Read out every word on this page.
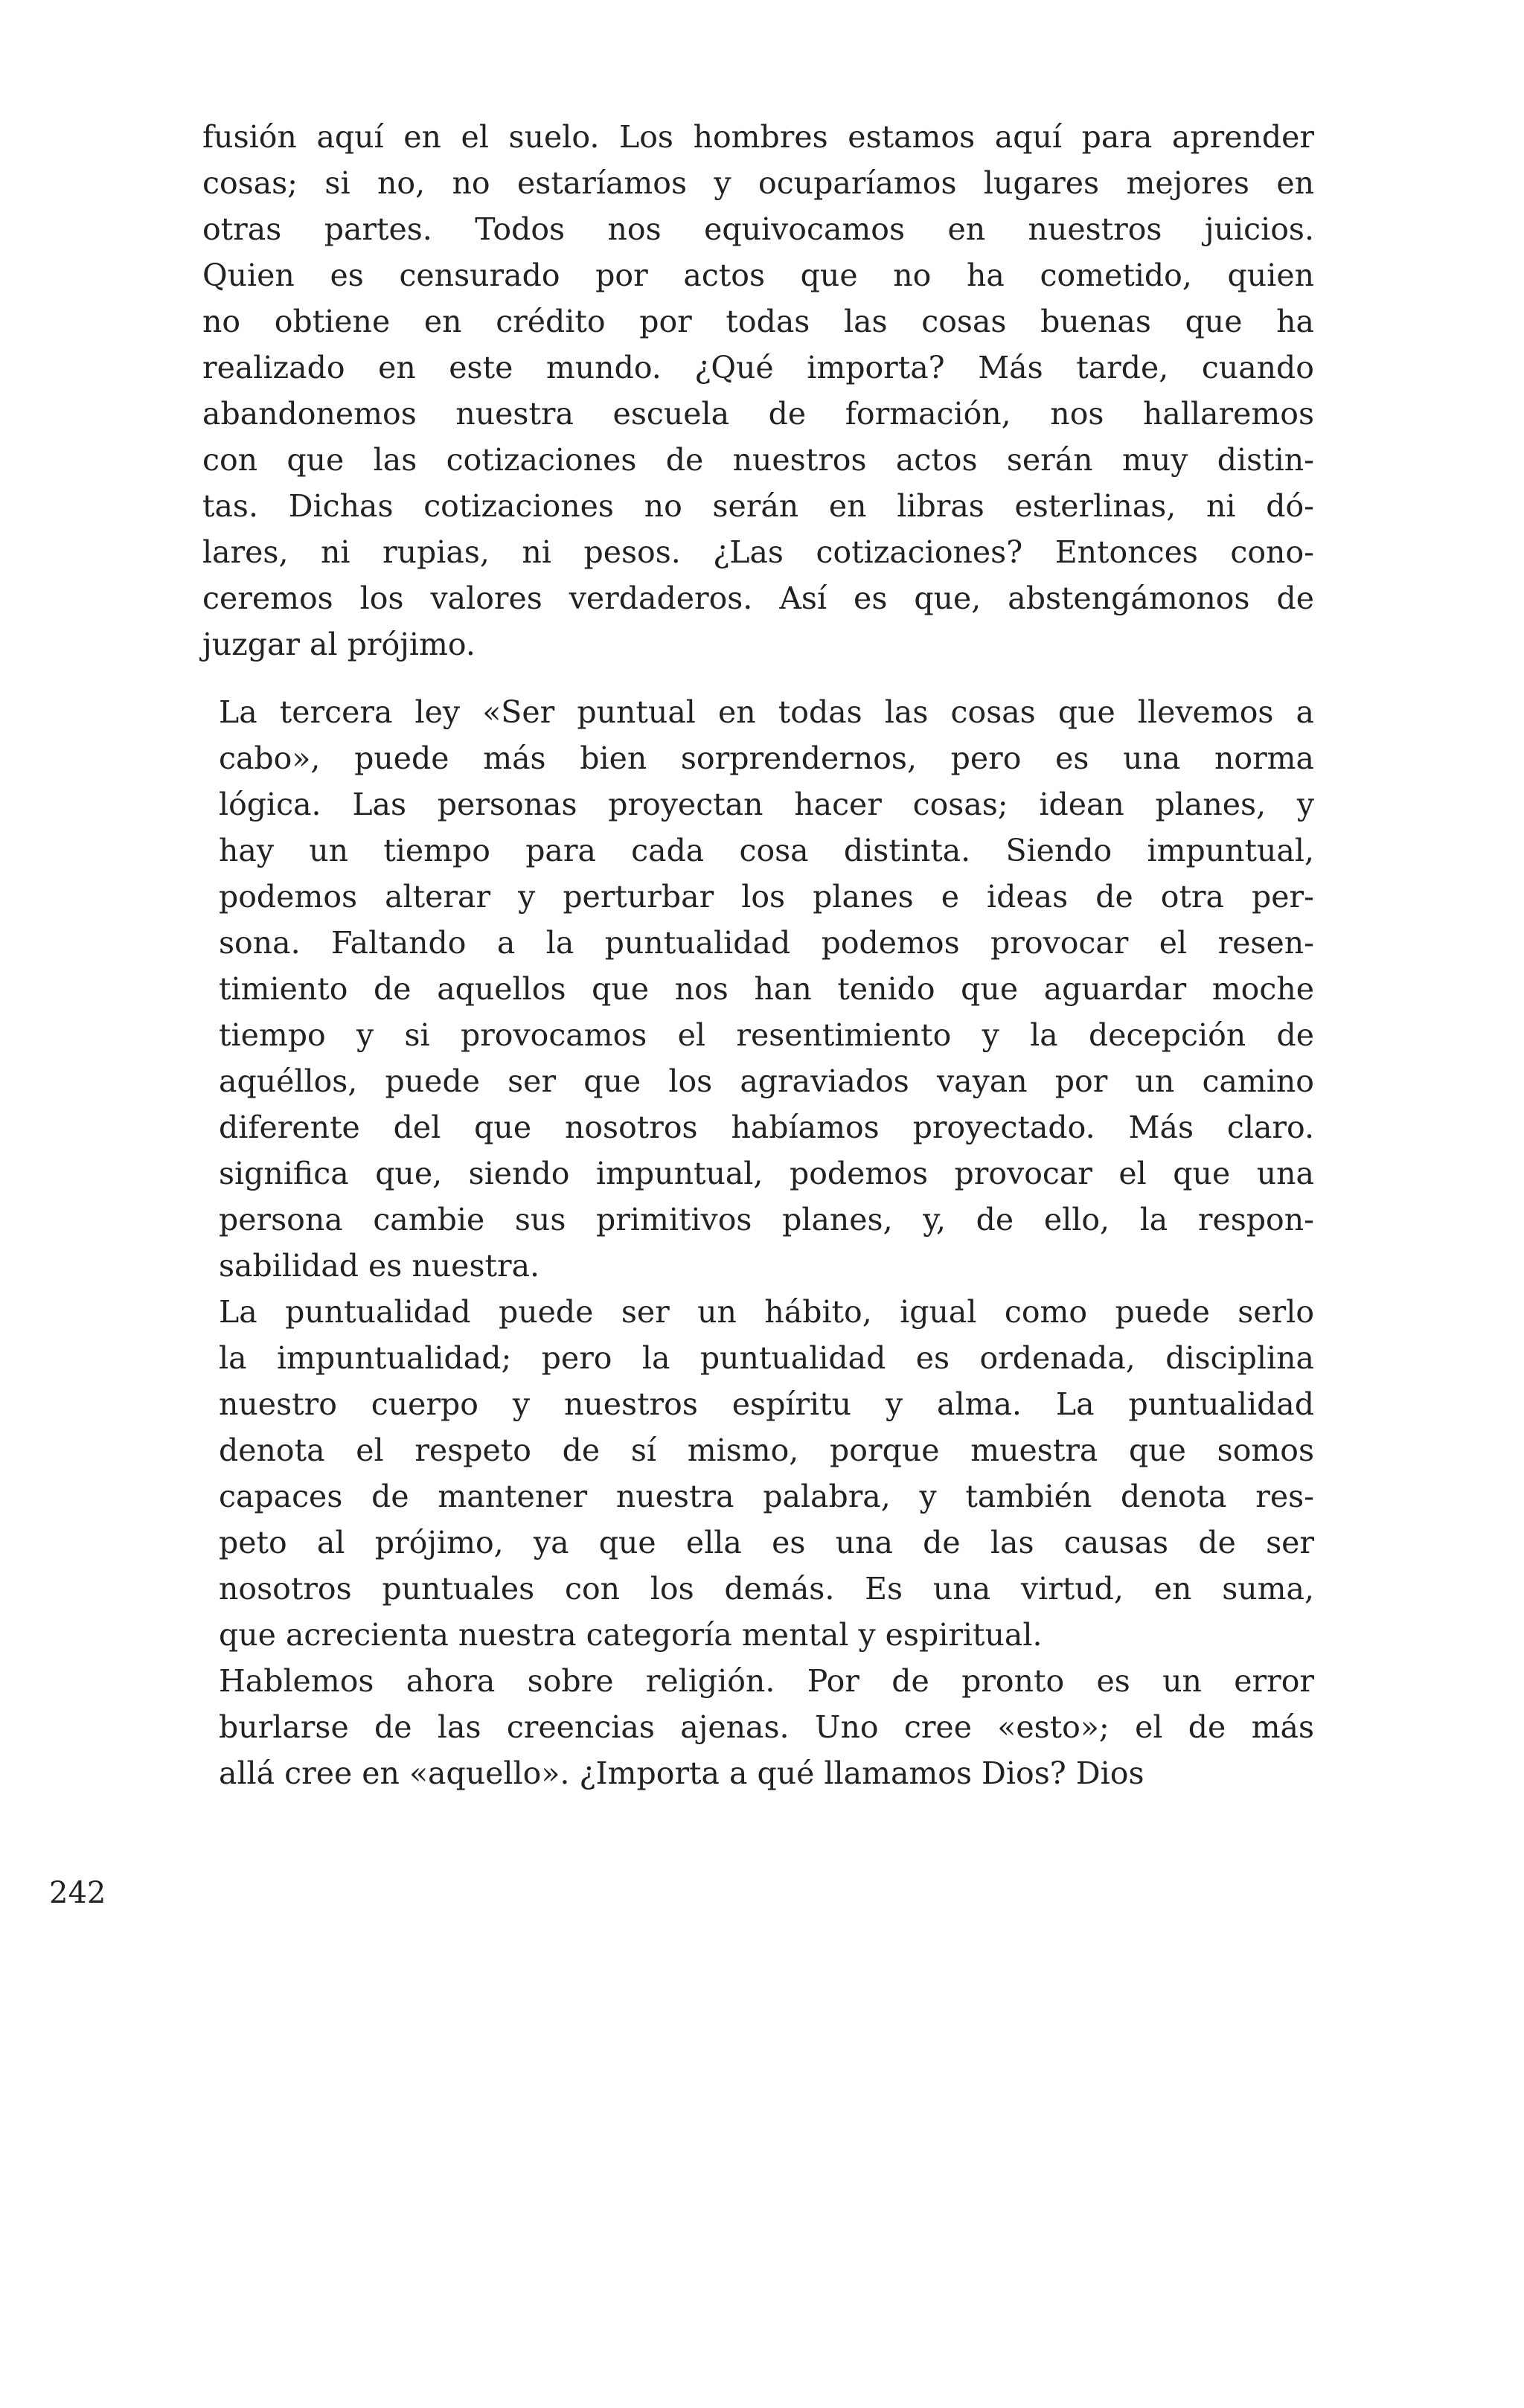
fusión aquí en el suelo. Los hombres estamos aquí para aprender
cosas; si no, no estaríamos y ocuparíamos lugares mejores en
otras partes. Todos nos equivocamos en nuestros juicios.
Quien es censurado por actos que no ha cometido, quien
no obtiene en crédito por todas las cosas buenas que ha
realizado en este mundo. ¿Qué importa? Más tarde, cuando
abandonemos nuestra escuela de formación, nos hallaremos
con que las cotizaciones de nuestros actos serán muy distin-
tas. Dichas cotizaciones no serán en libras esterlinas, ni dó-
lares, ni rupias, ni pesos. ¿Las cotizaciones? Entonces cono-
ceremos los valores verdaderos. Así es que, abstengámonos de
juzgar al prójimo.
La tercera ley «Ser puntual en todas las cosas que llevemos a
cabo», puede más bien sorprendernos, pero es una norma
lógica. Las personas proyectan hacer cosas; idean planes, y
hay un tiempo para cada cosa distinta. Siendo impuntual,
podemos alterar y perturbar los planes e ideas de otra per-
sona. Faltando a la puntualidad podemos provocar el resen-
timiento de aquellos que nos han tenido que aguardar moche
tiempo y si provocamos el resentimiento y la decepción de
aquéllos, puede ser que los agraviados vayan por un camino
diferente del que nosotros habíamos proyectado. Más claro.
significa que, siendo impuntual, podemos provocar el que una
persona cambie sus primitivos planes, y, de ello, la respon-
sabilidad es nuestra.
La puntualidad puede ser un hábito, igual como puede serlo
la impuntualidad; pero la puntualidad es ordenada, disciplina
nuestro cuerpo y nuestros espíritu y alma. La puntualidad
denota el respeto de sí mismo, porque muestra que somos
capaces de mantener nuestra palabra, y también denota res-
peto al prójimo, ya que ella es una de las causas de ser
nosotros puntuales con los demás. Es una virtud, en suma,
que acrecienta nuestra categoría mental y espiritual.
Hablemos ahora sobre religión. Por de pronto es un error
burlarse de las creencias ajenas. Uno cree «esto»; el de más
allá cree en «aquello». ¿Importa a qué llamamos Dios? Dios
242
